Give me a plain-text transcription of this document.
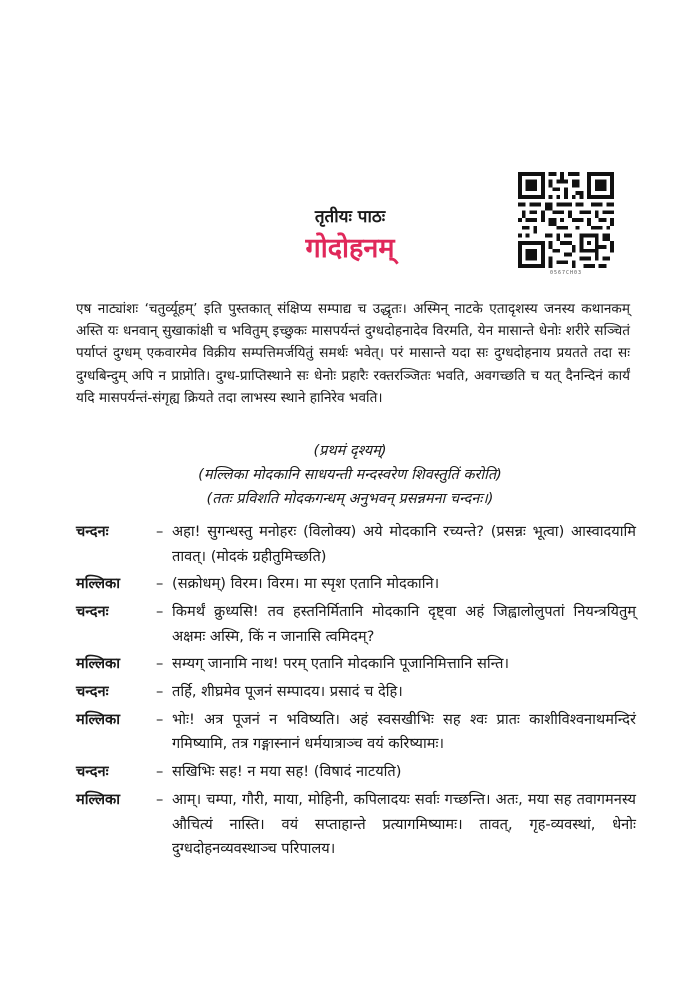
तृतीयः पाठः

गोदोहनम्

0567CH03

एष नाट्यांशः ‘चतुर्व्यूहम्’ इति पुस्तकात् संक्षिप्य सम्पाद्य च उद्धृतः। अस्मिन् नाटके एतादृशस्य जनस्य कथानकम् अस्ति यः धनवान् सुखाकांक्षी च भवितुम् इच्छुकः मासपर्यन्तं दुग्धदोहनादेव विरमति, येन मासान्ते धेनोः शरीरे सञ्चितं पर्याप्तं दुग्धम् एकवारमेव विक्रीय सम्पत्तिमर्जयितुं समर्थः भवेत्। परं मासान्ते यदा सः दुग्धदोहनाय प्रयतते तदा सः दुग्धबिन्दुम् अपि न प्राप्नोति। दुग्ध-प्राप्तिस्थाने सः धेनोः प्रहारैः रक्तरञ्जितः भवति, अवगच्छति च यत् दैनन्दिनं कार्यं यदि मासपर्यन्तं-संगृह्य क्रियते तदा लाभस्य स्थाने हानिरेव भवति।

(प्रथमं दृश्यम्)

(मल्लिका मोदकानि साधयन्ती मन्दस्वरेण शिवस्तुतिं करोति)

(ततः प्रविशति मोदकगन्धम् अनुभवन् प्रसन्नमना चन्दनः।)

चन्दनः	– अहा! सुगन्धस्तु मनोहरः (विलोक्य) अये मोदकानि रच्यन्ते? (प्रसन्नः भूत्वा) आस्वादयामि तावत्। (मोदकं ग्रहीतुमिच्छति)
मल्लिका	– (सक्रोधम्) विरम। विरम। मा स्पृश एतानि मोदकानि।
चन्दनः	– किमर्थं क्रुध्यसि! तव हस्तनिर्मितानि मोदकानि दृष्ट्वा अहं जिह्वालोलुपतां नियन्त्रयितुम् अक्षमः अस्मि, किं न जानासि त्वमिदम्?
मल्लिका	– सम्यग् जानामि नाथ! परम् एतानि मोदकानि पूजानिमित्तानि सन्ति।
चन्दनः	– तर्हि, शीघ्रमेव पूजनं सम्पादय। प्रसादं च देहि।
मल्लिका	– भोः! अत्र पूजनं न भविष्यति। अहं स्वसखीभिः सह श्वः प्रातः काशीविश्वनाथमन्दिरं गमिष्यामि, तत्र गङ्गास्नानं धर्मयात्राञ्च वयं करिष्यामः।
चन्दनः	– सखिभिः सह! न मया सह! (विषादं नाटयति)
मल्लिका	– आम्। चम्पा, गौरी, माया, मोहिनी, कपिलादयः सर्वाः गच्छन्ति। अतः, मया सह तवागमनस्य औचित्यं नास्ति। वयं सप्ताहान्ते प्रत्यागमिष्यामः। तावत्, गृह-व्यवस्थां, धेनोः दुग्धदोहनव्यवस्थाञ्च परिपालय।
